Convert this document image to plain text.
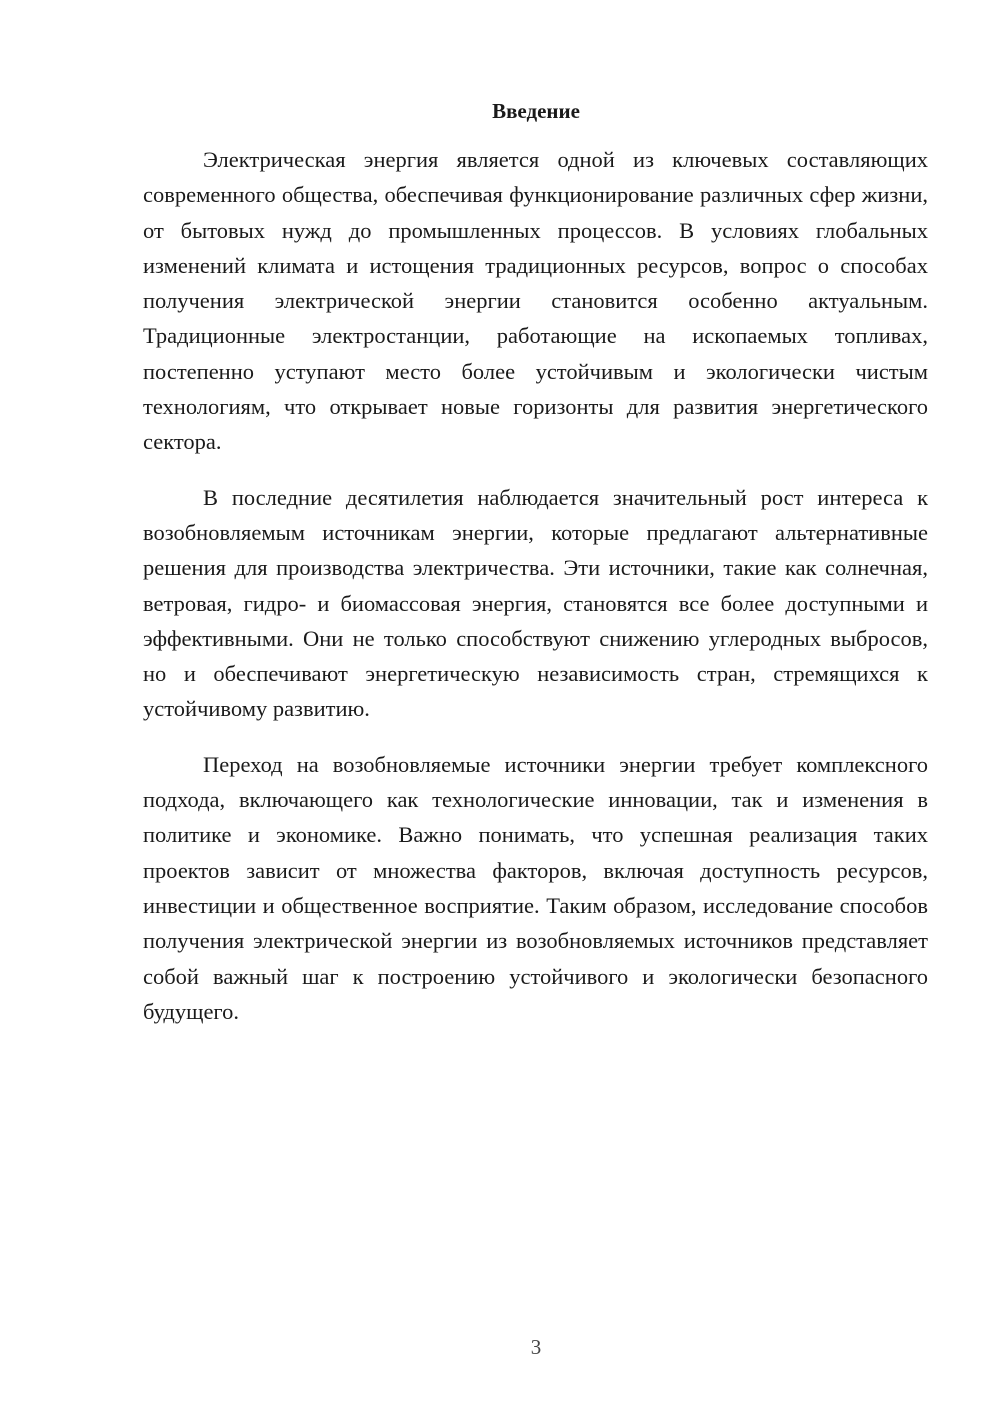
Введение

Электрическая энергия является одной из ключевых составляющих современного общества, обеспечивая функционирование различных сфер жизни, от бытовых нужд до промышленных процессов. В условиях глобальных изменений климата и истощения традиционных ресурсов, вопрос о способах получения электрической энергии становится особенно актуальным. Традиционные электростанции, работающие на ископаемых топливах, постепенно уступают место более устойчивым и экологически чистым технологиям, что открывает новые горизонты для развития энергетического сектора.

В последние десятилетия наблюдается значительный рост интереса к возобновляемым источникам энергии, которые предлагают альтернативные решения для производства электричества. Эти источники, такие как солнечная, ветровая, гидро- и биомассовая энергия, становятся все более доступными и эффективными. Они не только способствуют снижению углеродных выбросов, но и обеспечивают энергетическую независимость стран, стремящихся к устойчивому развитию.

Переход на возобновляемые источники энергии требует комплексного подхода, включающего как технологические инновации, так и изменения в политике и экономике. Важно понимать, что успешная реализация таких проектов зависит от множества факторов, включая доступность ресурсов, инвестиции и общественное восприятие. Таким образом, исследование способов получения электрической энергии из возобновляемых источников представляет собой важный шаг к построению устойчивого и экологически безопасного будущего.

3
